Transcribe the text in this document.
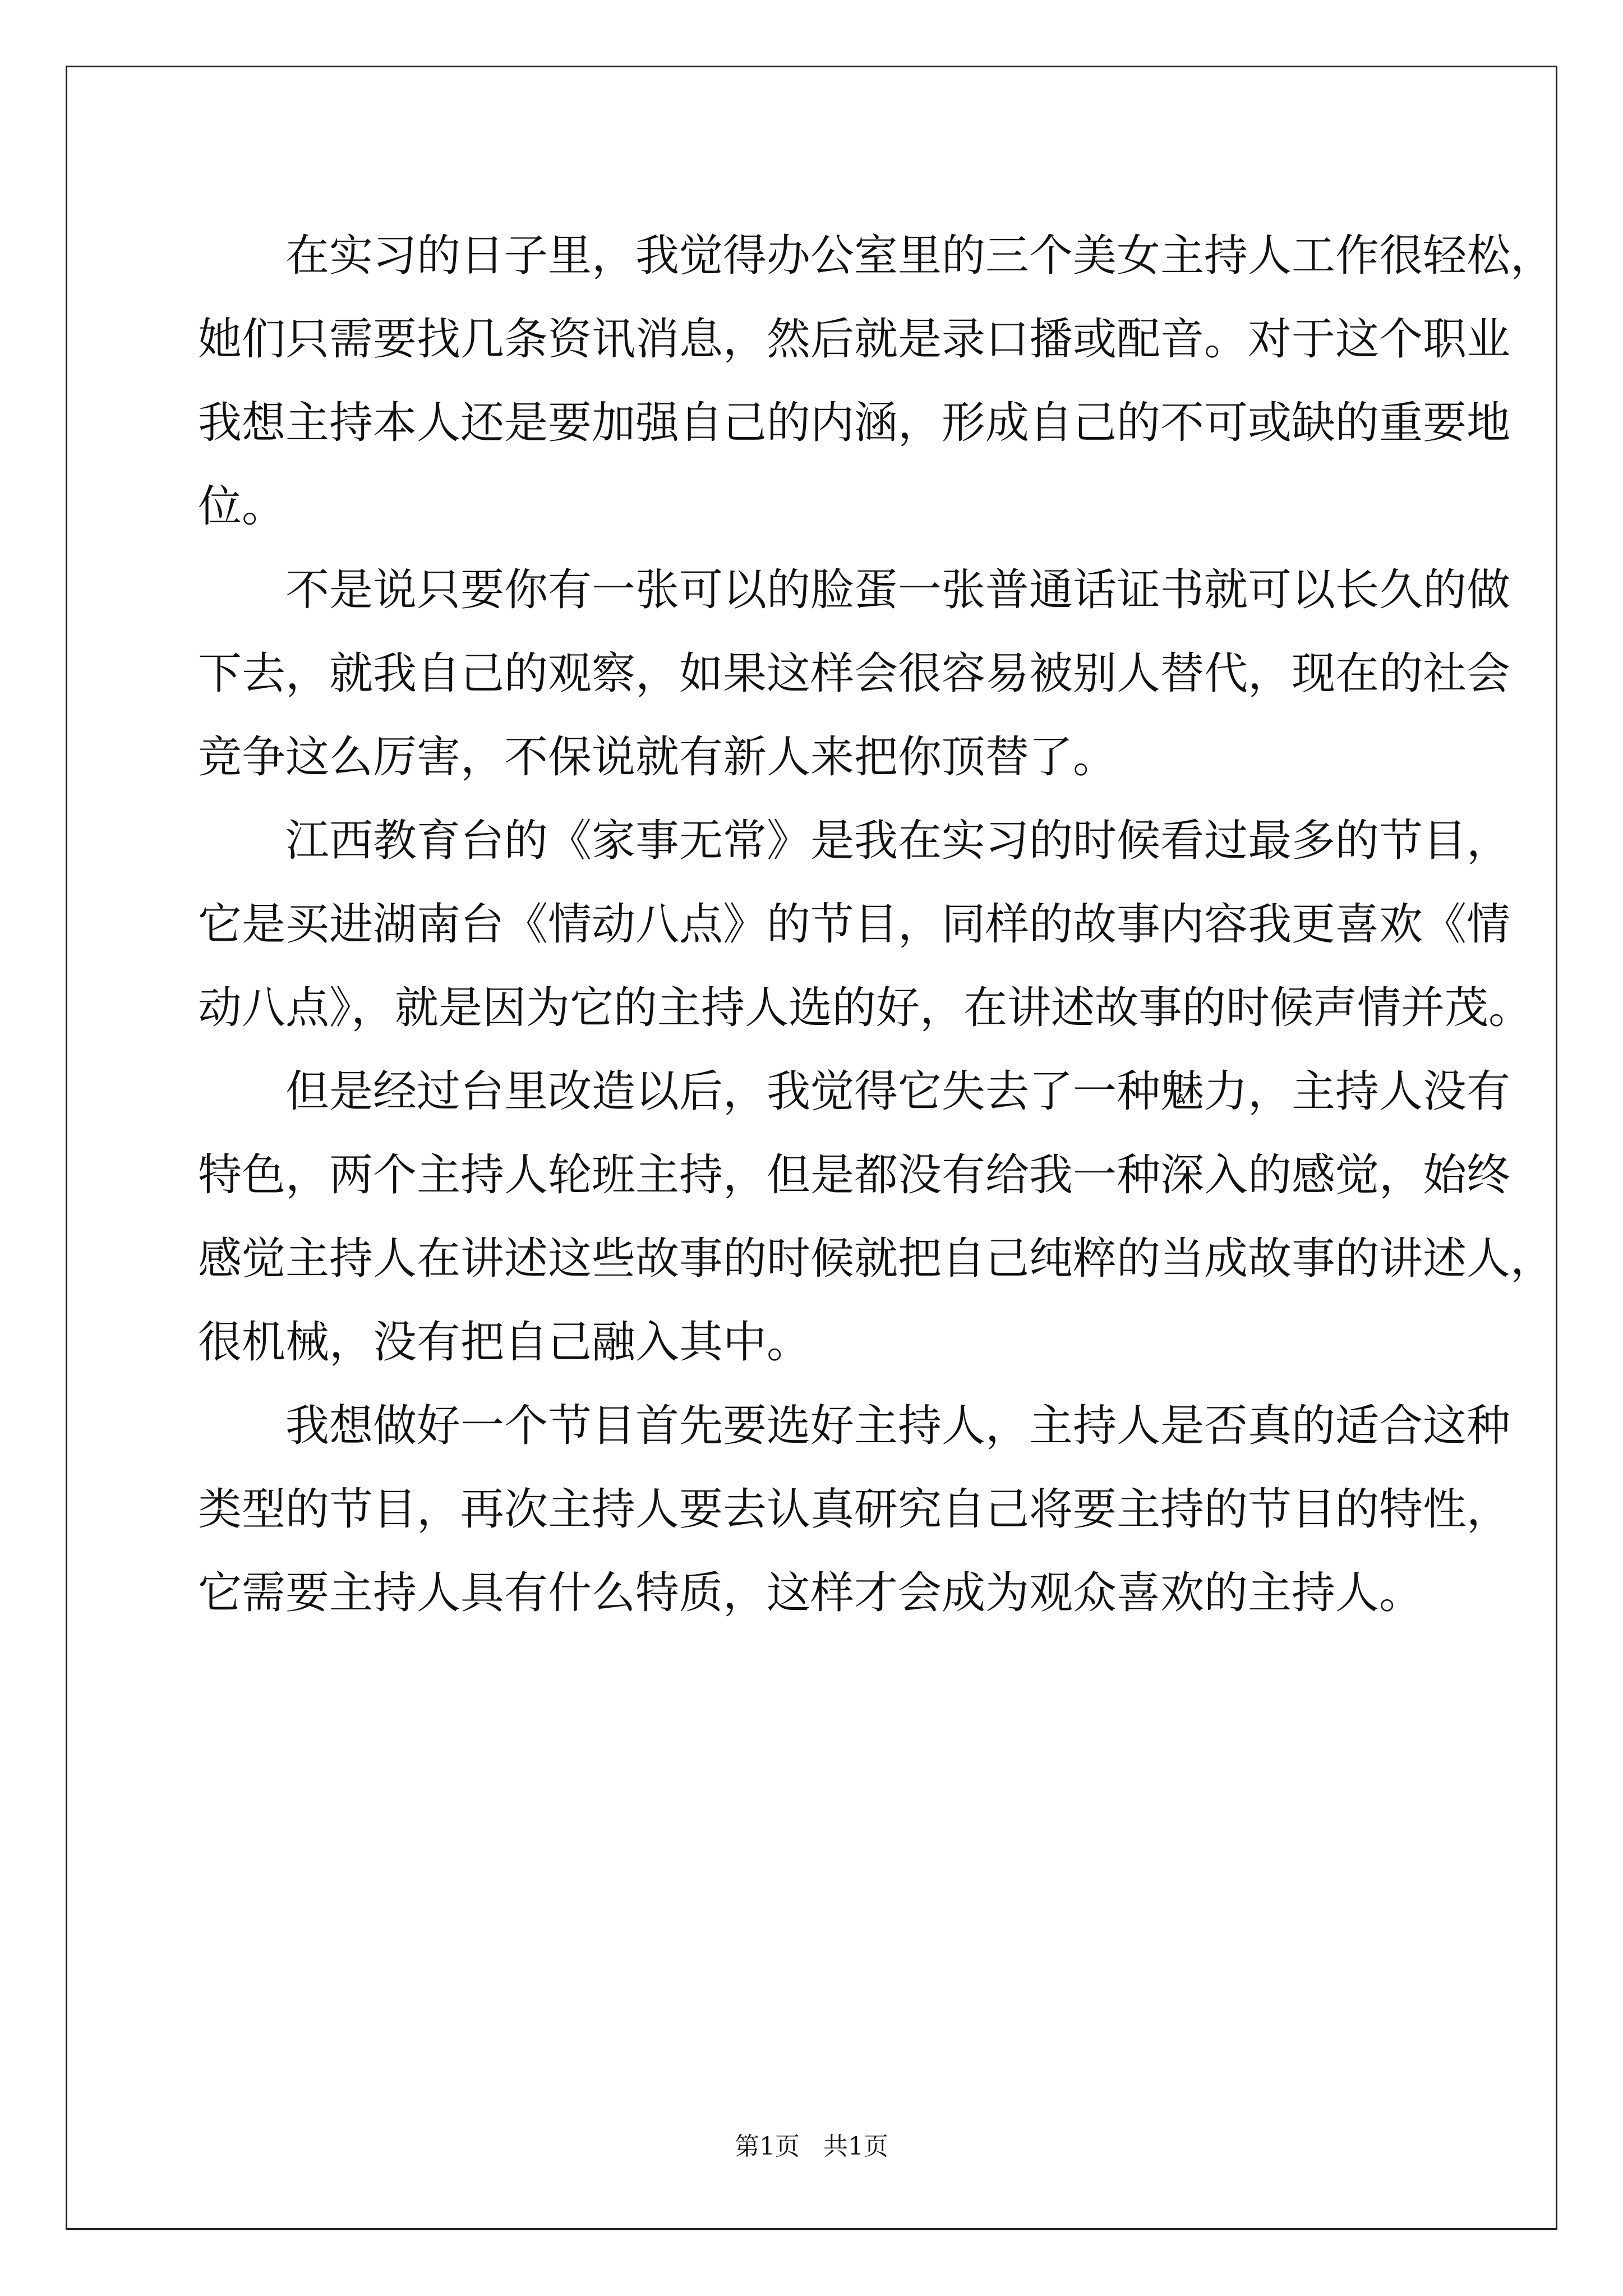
在实习的日子里，我觉得办公室里的三个美女主持人工作很轻松，
她们只需要找几条资讯消息，然后就是录口播或配音。对于这个职业
我想主持本人还是要加强自己的内涵，形成自己的不可或缺的重要地
位。
不是说只要你有一张可以的脸蛋一张普通话证书就可以长久的做
下去，就我自己的观察，如果这样会很容易被别人替代，现在的社会
竞争这么厉害，不保说就有新人来把你顶替了。
江西教育台的《家事无常》是我在实习的时候看过最多的节目，
它是买进湖南台《情动八点》的节目，同样的故事内容我更喜欢《情
动八点》，就是因为它的主持人选的好，在讲述故事的时候声情并茂。
但是经过台里改造以后，我觉得它失去了一种魅力，主持人没有
特色，两个主持人轮班主持，但是都没有给我一种深入的感觉，始终
感觉主持人在讲述这些故事的时候就把自己纯粹的当成故事的讲述人，
很机械，没有把自己融入其中。
我想做好一个节目首先要选好主持人，主持人是否真的适合这种
类型的节目，再次主持人要去认真研究自己将要主持的节目的特性，
它需要主持人具有什么特质，这样才会成为观众喜欢的主持人。
第1页 共1页
